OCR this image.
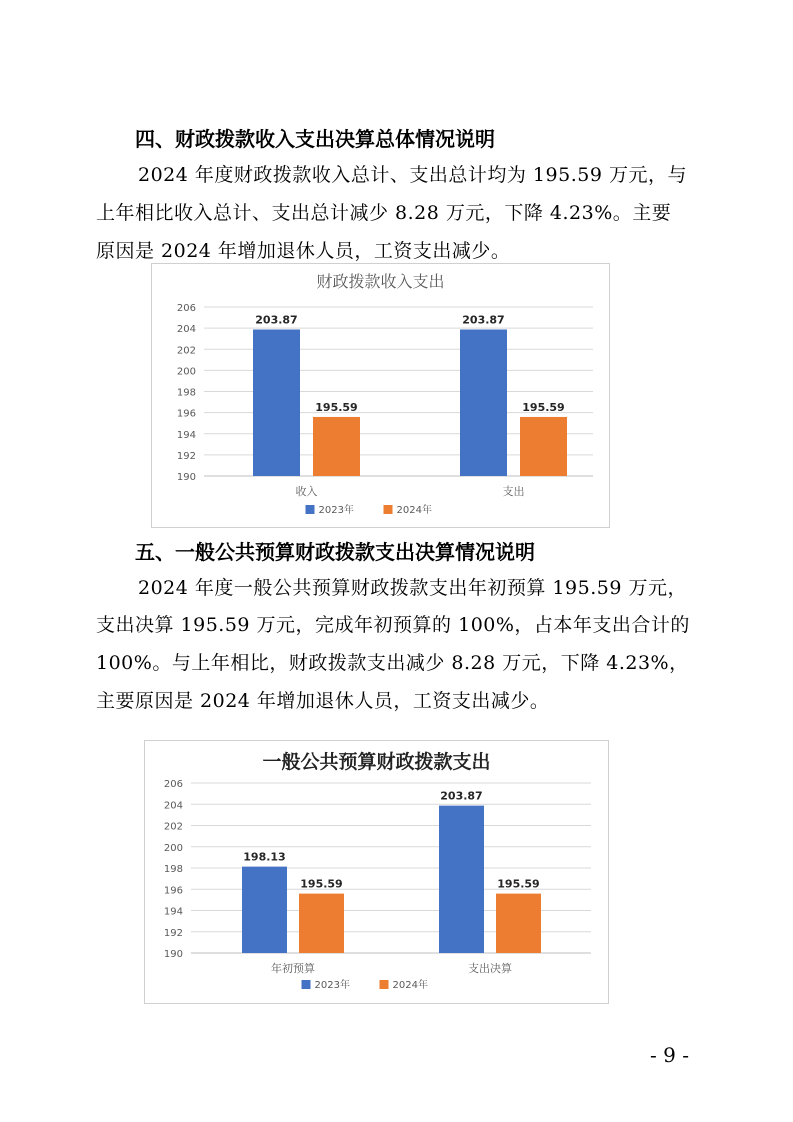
四、财政拨款收入支出决算总体情况说明
2024 年度财政拨款收入总计、支出总计均为 195.59 万元，与
上年相比收入总计、支出总计减少 8.28 万元，下降 4.23%。主要
原因是 2024 年增加退休人员，工资支出减少。
财政拨款收入支出
190
192
194
196
198
200
202
204
206
203.87
195.59
收入
203.87
195.59
支出
2023年	2024年
五、一般公共预算财政拨款支出决算情况说明
2024 年度一般公共预算财政拨款支出年初预算 195.59 万元，
支出决算 195.59 万元，完成年初预算的 100%，占本年支出合计的
100%。与上年相比，财政拨款支出减少 8.28 万元，下降 4.23%，
主要原因是 2024 年增加退休人员，工资支出减少。
一般公共预算财政拨款支出
190
192
194
196
198
200
202
204
206
198.13
195.59
年初预算
203.87
195.59
支出决算
2023年	2024年
- 9 -
